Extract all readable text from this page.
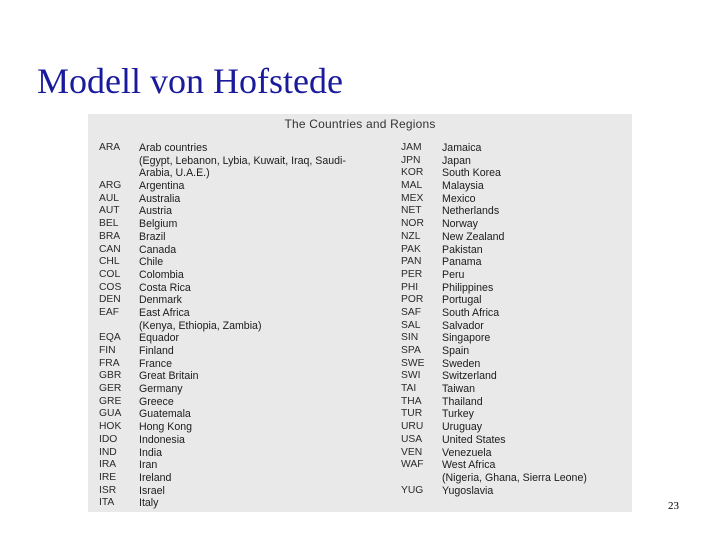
Modell von Hofstede
The Countries and Regions
ARA

ARG
AUL
AUT
BEL
BRA
CAN
CHL
COL
COS
DEN
EAF

EQA
FIN
FRA
GBR
GER
GRE
GUA
HOK
IDO
IND
IRA
IRE
ISR
ITA
Arab countries
(Egypt, Lebanon, Lybia, Kuwait, Iraq, Saudi-
Arabia, U.A.E.)
Argentina
Australia
Austria
Belgium
Brazil
Canada
Chile
Colombia
Costa Rica
Denmark
East Africa
(Kenya, Ethiopia, Zambia)
Equador
Finland
France
Great Britain
Germany
Greece
Guatemala
Hong Kong
Indonesia
India
Iran
Ireland
Israel
Italy
JAM
JPN
KOR
MAL
MEX
NET
NOR
NZL
PAK
PAN
PER
PHI
POR
SAF
SAL
SIN
SPA
SWE
SWI
TAI
THA
TUR
URU
USA
VEN
WAF

YUG
Jamaica
Japan
South Korea
Malaysia
Mexico
Netherlands
Norway
New Zealand
Pakistan
Panama
Peru
Philippines
Portugal
South Africa
Salvador
Singapore
Spain
Sweden
Switzerland
Taiwan
Thailand
Turkey
Uruguay
United States
Venezuela
West Africa
(Nigeria, Ghana, Sierra Leone)
Yugoslavia
23
